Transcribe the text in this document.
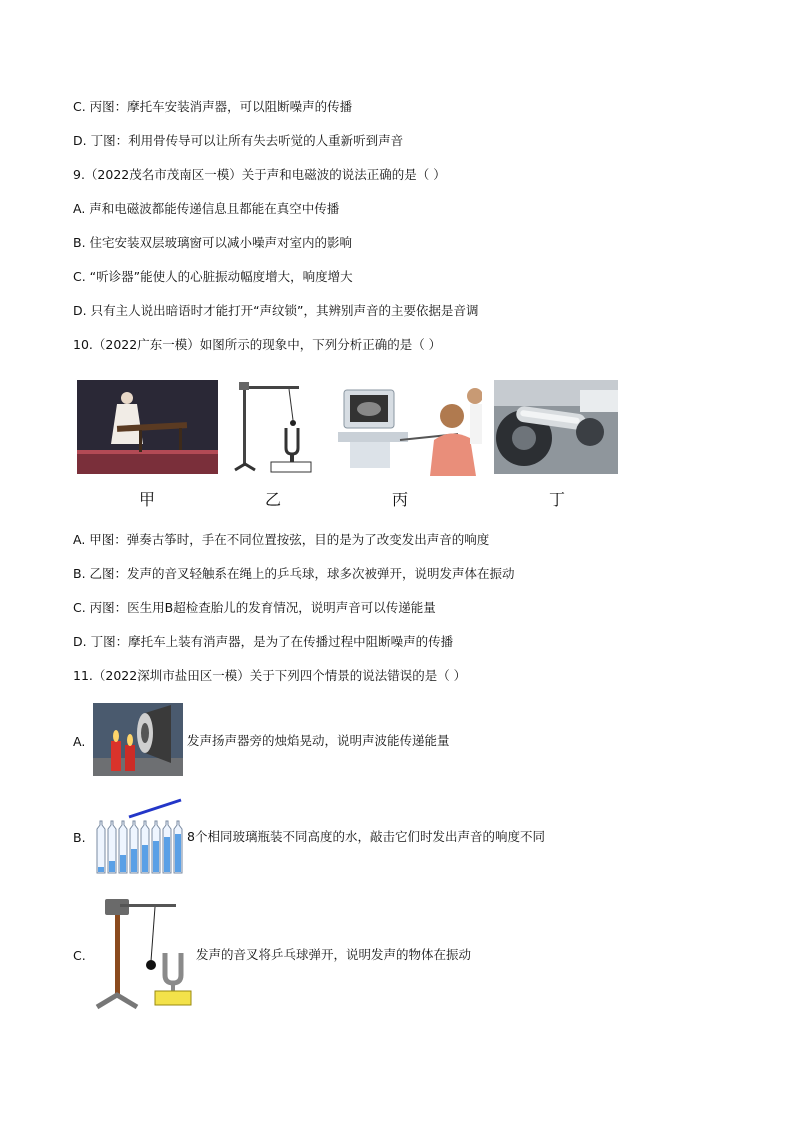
C. 丙图：摩托车安装消声器，可以阻断噪声的传播
D. 丁图：利用骨传导可以让所有失去听觉的人重新听到声音
9.（2022茂名市茂南区一模）关于声和电磁波的说法正确的是（ ）
A. 声和电磁波都能传递信息且都能在真空中传播
B. 住宅安装双层玻璃窗可以减小噪声对室内的影响
C. “听诊器”能使人的心脏振动幅度增大，响度增大
D. 只有主人说出暗语时才能打开“声纹锁”，其辨别声音的主要依据是音调
10.（2022广东一模）如图所示的现象中，下列分析正确的是（ ）
甲	乙	丙	丁
A. 甲图：弹奏古筝时，手在不同位置按弦，目的是为了改变发出声音的响度
B. 乙图：发声的音叉轻触系在绳上的乒乓球，球多次被弹开，说明发声体在振动
C. 丙图：医生用B超检查胎儿的发育情况，说明声音可以传递能量
D. 丁图：摩托车上装有消声器，是为了在传播过程中阻断噪声的传播
11.（2022深圳市盐田区一模）关于下列四个情景的说法错误的是（ ）
A.	发声扬声器旁的烛焰晃动，说明声波能传递能量
B.	8个相同玻璃瓶装不同高度的水，敲击它们时发出声音的响度不同
C.	发声的音叉将乒乓球弹开，说明发声的物体在振动
